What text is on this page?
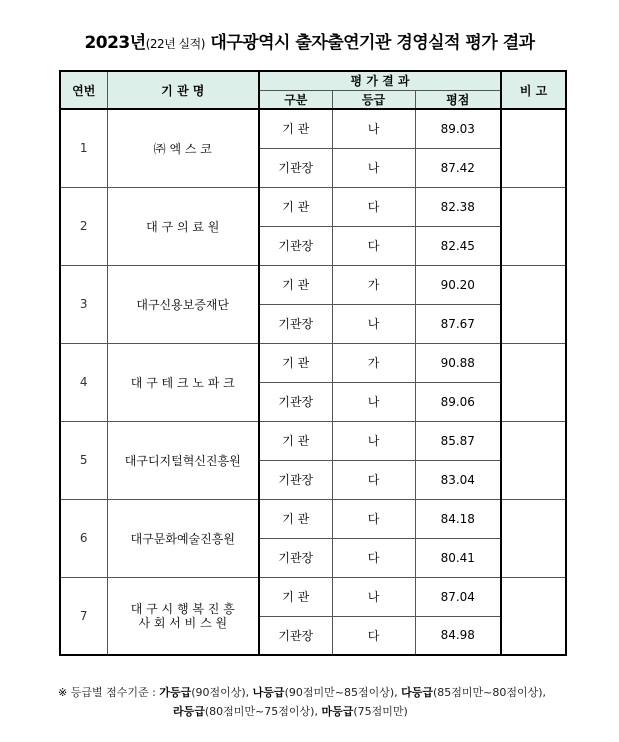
2023년(22년 실적) 대구광역시 출자출연기관 경영실적 평가 결과
연번	기 관 명	평 가 결 과			비 고
		구분	등급	평점	
1	㈜ 엑 스 코	기 관	나	89.03	
		기관장	나	87.42	
2	대 구 의 료 원	기 관	다	82.38	
		기관장	다	82.45	
3	대구신용보증재단	기 관	가	90.20	
		기관장	나	87.67	
4	대 구 테 크 노 파 크	기 관	가	90.88	
		기관장	나	89.06	
5	대구디지털혁신진흥원	기 관	나	85.87	
		기관장	다	83.04	
6	대구문화예술진흥원	기 관	다	84.18	
		기관장	다	80.41	
7	대 구 시 행 복 진 흥
사 회 서 비 스 원	기 관	나	87.04	
		기관장	다	84.98	
※ 등급별 점수기준 : 가등급(90점이상), 나등급(90점미만~85점이상), 다등급(85점미만~80점이상),
라등급(80점미만~75점이상), 마등급(75점미만)
